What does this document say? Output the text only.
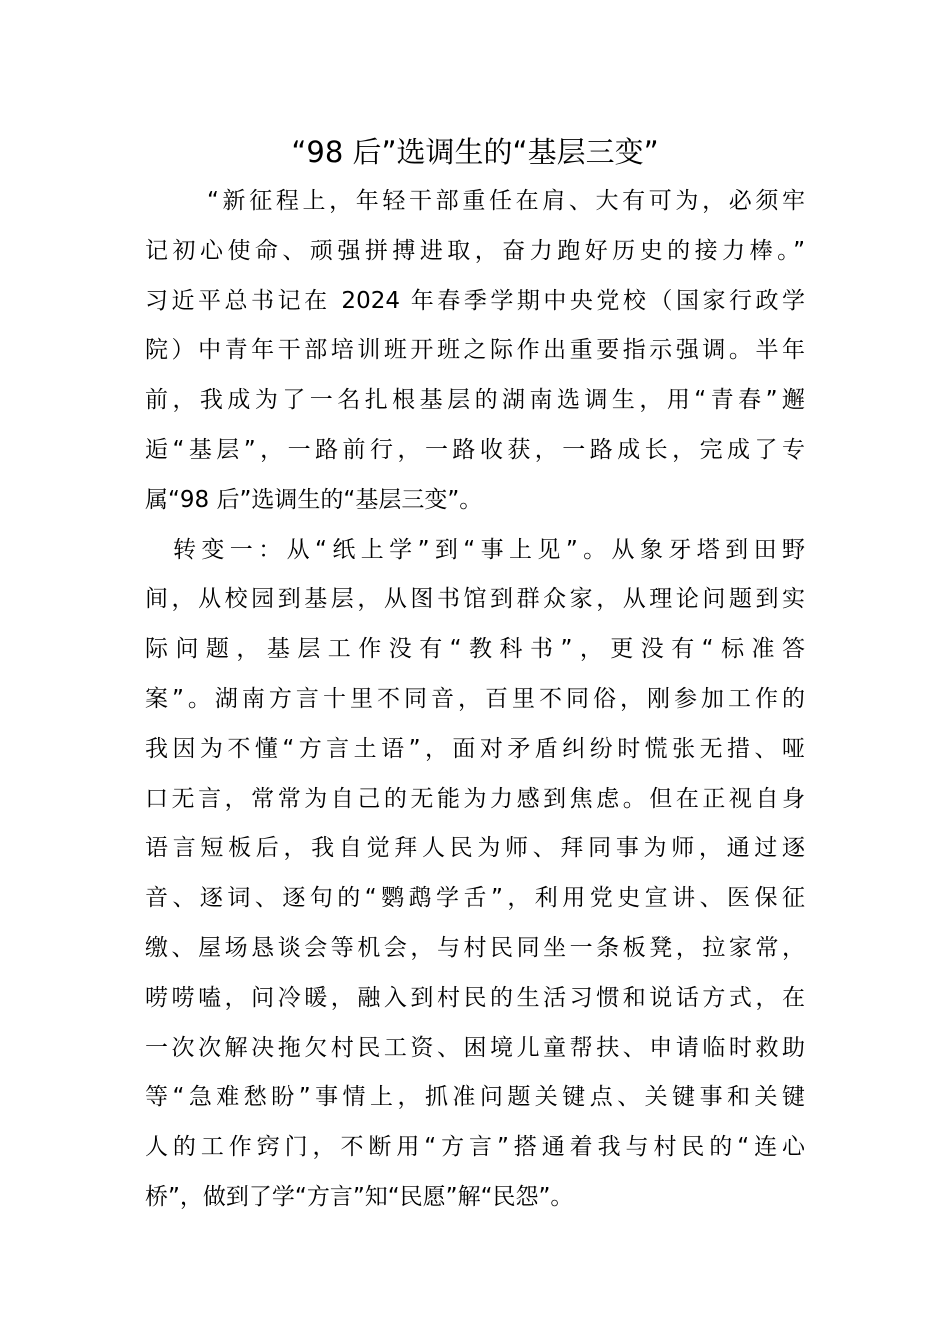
“98 后”选调生的“基层三变”
“新征程上，年轻干部重任在肩、大有可为，必须牢
记初心使命、顽强拼搏进取，奋力跑好历史的接力棒。”
习近平总书记在 2024 年春季学期中央党校（国家行政学
院）中青年干部培训班开班之际作出重要指示强调。半年
前，我成为了一名扎根基层的湖南选调生，用“青春”邂
逅“基层”，一路前行，一路收获，一路成长，完成了专
属“98 后”选调生的“基层三变”。
转变一：从“纸上学”到“事上见”。从象牙塔到田野
间，从校园到基层，从图书馆到群众家，从理论问题到实
际问题，基层工作没有“教科书”，更没有“标准答
案”。湖南方言十里不同音，百里不同俗，刚参加工作的
我因为不懂“方言土语”，面对矛盾纠纷时慌张无措、哑
口无言，常常为自己的无能为力感到焦虑。但在正视自身
语言短板后，我自觉拜人民为师、拜同事为师，通过逐
音、逐词、逐句的“鹦鹉学舌”，利用党史宣讲、医保征
缴、屋场恳谈会等机会，与村民同坐一条板凳，拉家常，
唠唠嗑，问冷暖，融入到村民的生活习惯和说话方式，在
一次次解决拖欠村民工资、困境儿童帮扶、申请临时救助
等“急难愁盼”事情上，抓准问题关键点、关键事和关键
人的工作窍门，不断用“方言”搭通着我与村民的“连心
桥”，做到了学“方言”知“民愿”解“民怨”。
